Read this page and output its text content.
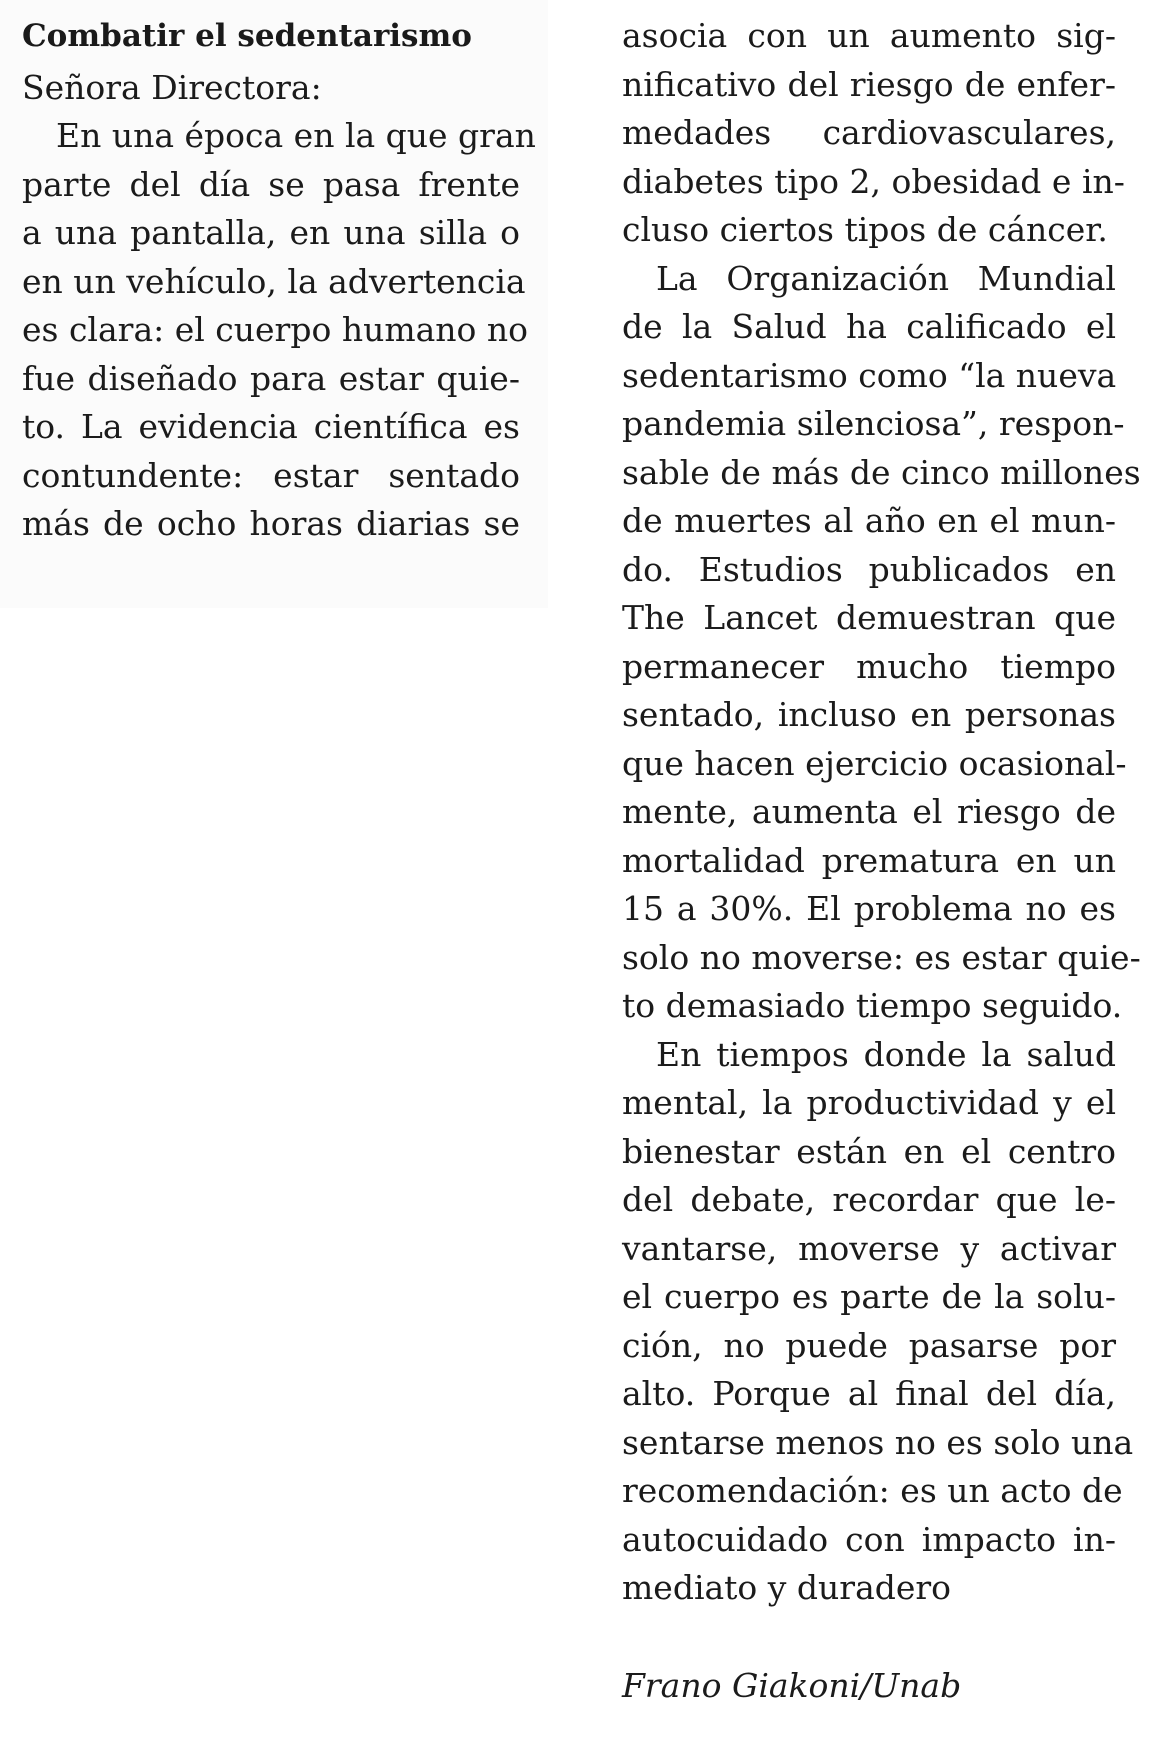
Combatir el sedentarismo

Señora Directora:

En una época en la que gran
parte del día se pasa frente
a una pantalla, en una silla o
en un vehículo, la advertencia
es clara: el cuerpo humano no
fue diseñado para estar quie-
to. La evidencia científica es
contundente: estar sentado
más de ocho horas diarias se
asocia con un aumento sig-
nificativo del riesgo de enfer-
medades cardiovasculares,
diabetes tipo 2, obesidad e in-
cluso ciertos tipos de cáncer.
La Organización Mundial
de la Salud ha calificado el
sedentarismo como “la nueva
pandemia silenciosa”, respon-
sable de más de cinco millones
de muertes al año en el mun-
do. Estudios publicados en
The Lancet demuestran que
permanecer mucho tiempo
sentado, incluso en personas
que hacen ejercicio ocasional-
mente, aumenta el riesgo de
mortalidad prematura en un
15 a 30%. El problema no es
solo no moverse: es estar quie-
to demasiado tiempo seguido.
En tiempos donde la salud
mental, la productividad y el
bienestar están en el centro
del debate, recordar que le-
vantarse, moverse y activar
el cuerpo es parte de la solu-
ción, no puede pasarse por
alto. Porque al final del día,
sentarse menos no es solo una
recomendación: es un acto de
autocuidado con impacto in-
mediato y duradero

Frano Giakoni/Unab
